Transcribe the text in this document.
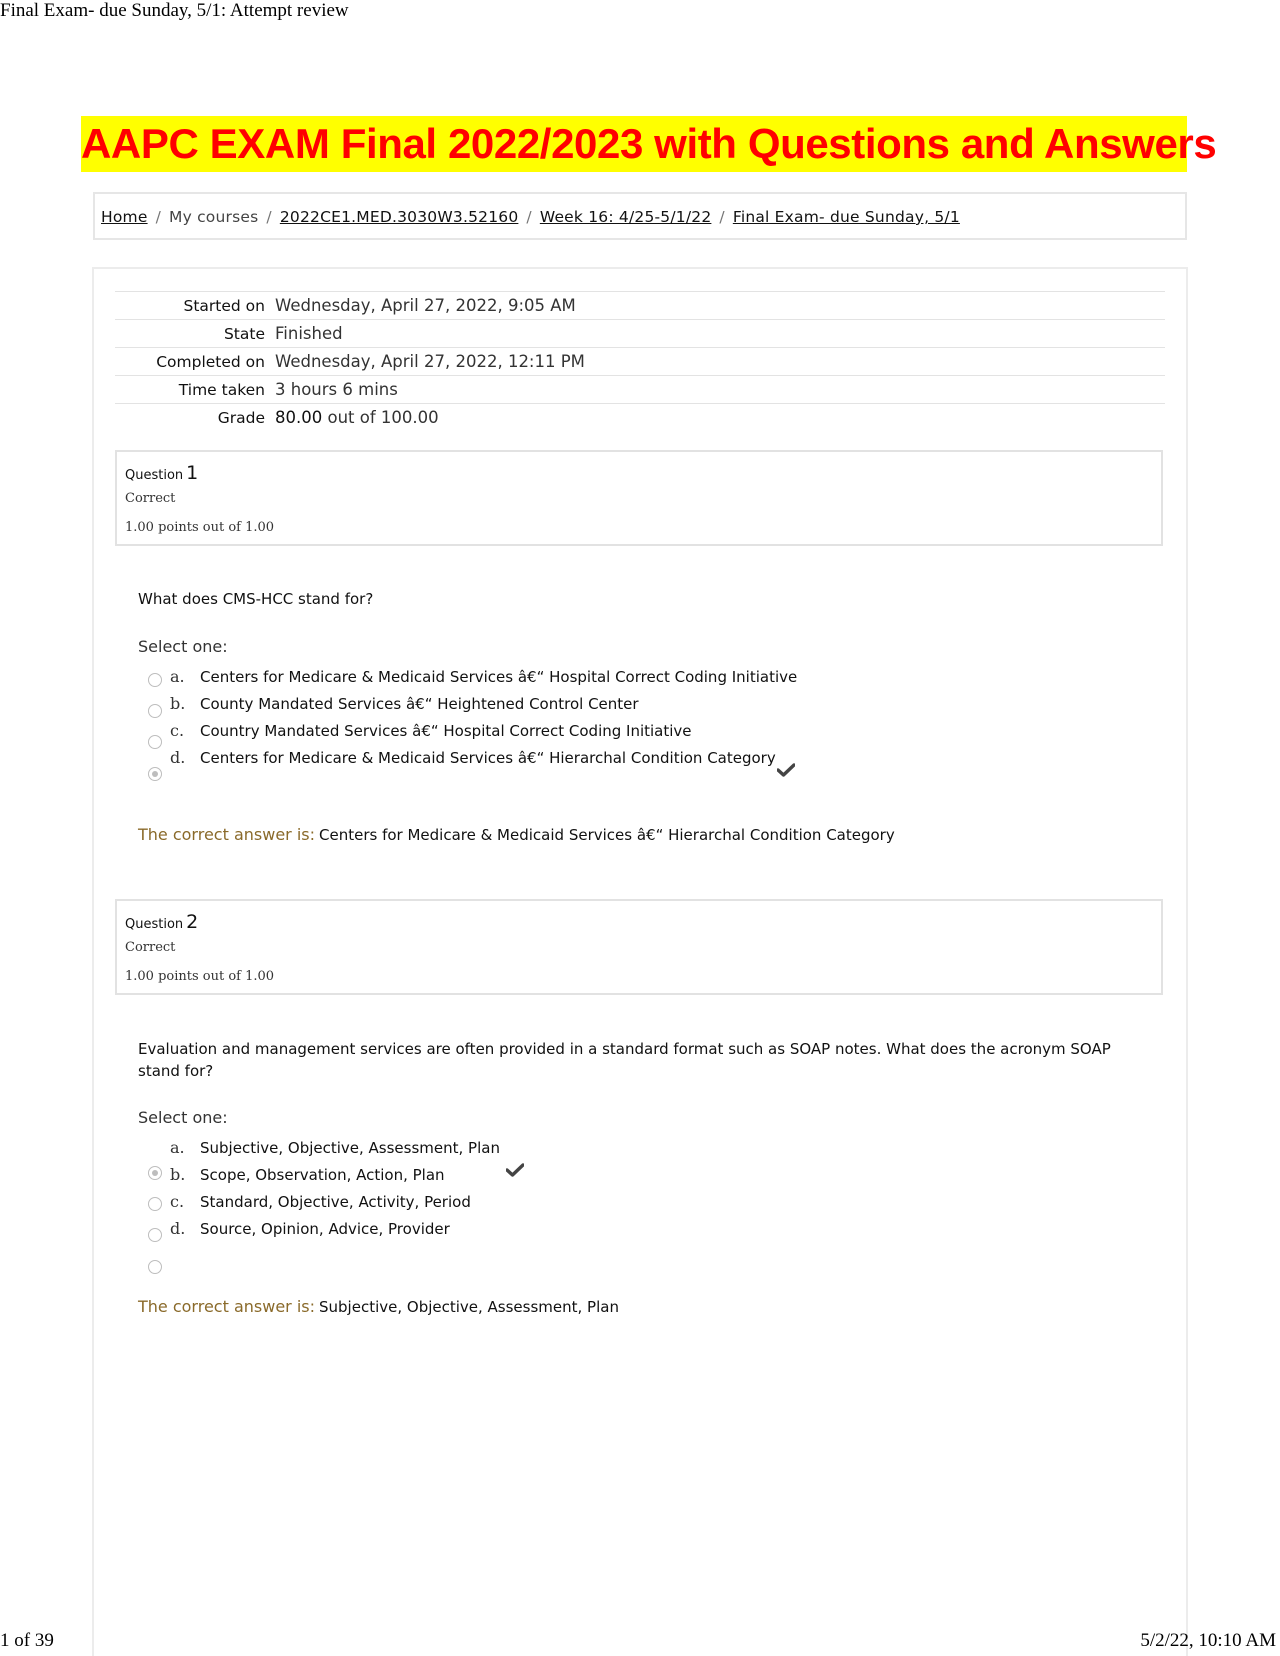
Final Exam- due Sunday, 5/1: Attempt review
AAPC EXAM Final 2022/2023 with Questions and Answers
Home / My courses / 2022CE1.MED.3030W3.52160 / Week 16: 4/25-5/1/22 / Final Exam- due Sunday, 5/1
Started on	Wednesday, April 27, 2022, 9:05 AM
State	Finished
Completed on	Wednesday, April 27, 2022, 12:11 PM
Time taken	3 hours 6 mins
Grade	80.00 out of 100.00
Question 1
Correct
1.00 points out of 1.00
What does CMS-HCC stand for?
Select one:
a. Centers for Medicare & Medicaid Services â€“ Hospital Correct Coding Initiative
b. County Mandated Services â€“ Heightened Control Center
c. Country Mandated Services â€“ Hospital Correct Coding Initiative
d. Centers for Medicare & Medicaid Services â€“ Hierarchal Condition Category
The correct answer is: Centers for Medicare & Medicaid Services â€“ Hierarchal Condition Category
Question 2
Correct
1.00 points out of 1.00
Evaluation and management services are often provided in a standard format such as SOAP notes. What does the acronym SOAP stand for?
Select one:
a. Subjective, Objective, Assessment, Plan
b. Scope, Observation, Action, Plan
c. Standard, Objective, Activity, Period
d. Source, Opinion, Advice, Provider
The correct answer is: Subjective, Objective, Assessment, Plan
1 of 39	5/2/22, 10:10 AM
